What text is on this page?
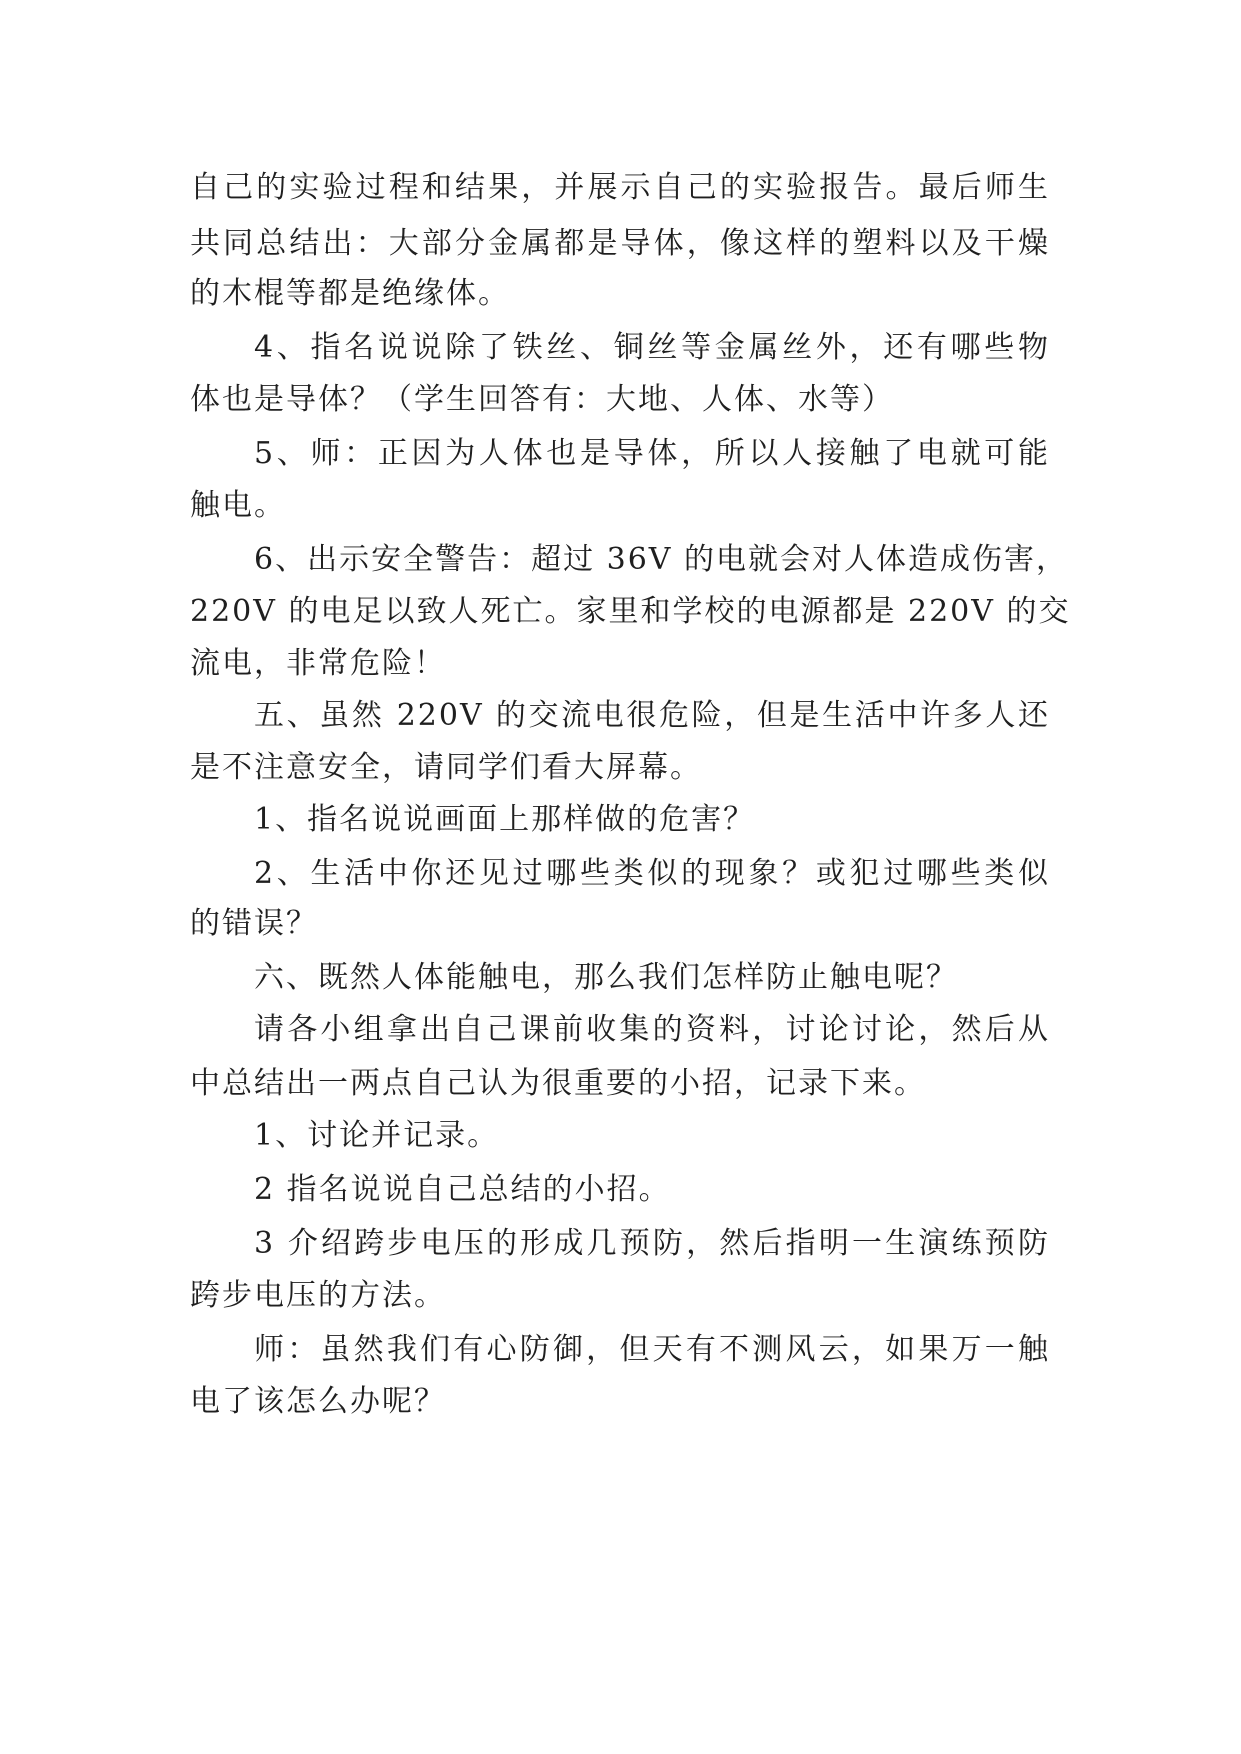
自己的实验过程和结果，并展示自己的实验报告。最后师生
共同总结出：大部分金属都是导体，像这样的塑料以及干燥
的木棍等都是绝缘体。
4、指名说说除了铁丝、铜丝等金属丝外，还有哪些物
体也是导体？（学生回答有：大地、人体、水等）
5、师：正因为人体也是导体，所以人接触了电就可能
触电。
6、出示安全警告：超过 36V 的电就会对人体造成伤害，
220V 的电足以致人死亡。家里和学校的电源都是 220V 的交
流电，非常危险！
五、虽然 220V 的交流电很危险，但是生活中许多人还
是不注意安全，请同学们看大屏幕。
1、指名说说画面上那样做的危害？
2、生活中你还见过哪些类似的现象？或犯过哪些类似
的错误？
六、既然人体能触电，那么我们怎样防止触电呢？
请各小组拿出自己课前收集的资料，讨论讨论，然后从
中总结出一两点自己认为很重要的小招，记录下来。
1、讨论并记录。
2 指名说说自己总结的小招。
3 介绍跨步电压的形成几预防，然后指明一生演练预防
跨步电压的方法。
师：虽然我们有心防御，但天有不测风云，如果万一触
电了该怎么办呢？
